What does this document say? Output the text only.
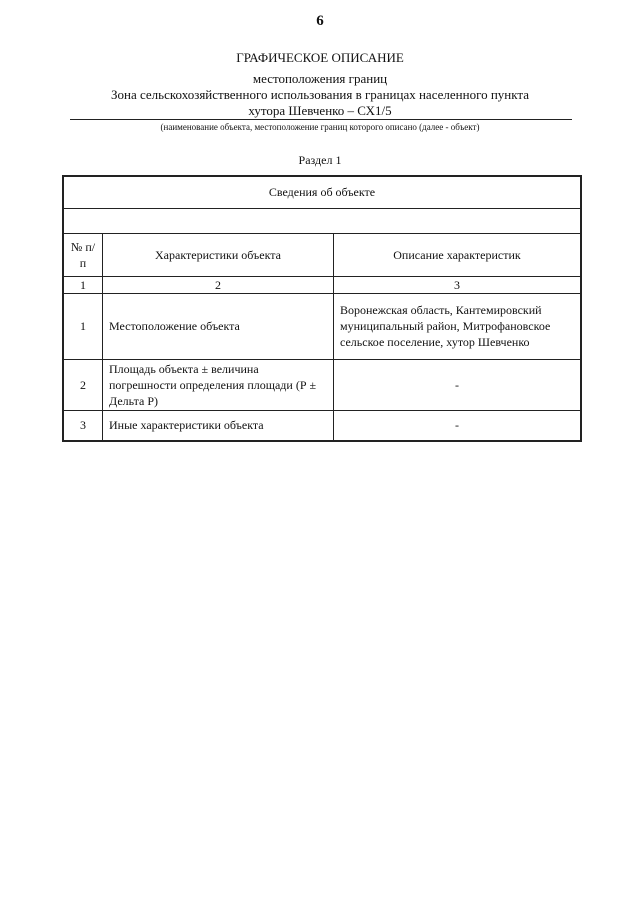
6
ГРАФИЧЕСКОЕ ОПИСАНИЕ
местоположения границ
Зона сельскохозяйственного использования в границах населенного пункта
хутора Шевченко – СХ1/5
(наименование объекта, местоположение границ которого описано (далее - объект)
Раздел 1
Сведения об объекте		

№ п/п	Характеристики объекта	Описание характеристик
1	2	3
1	Местоположение объекта	Воронежская область, Кантемировский муниципальный район, Митрофановское сельское поселение, хутор Шевченко
2	Площадь объекта ± величина погрешности определения площади (Р ± Дельта Р)	-
3	Иные характеристики объекта	-
